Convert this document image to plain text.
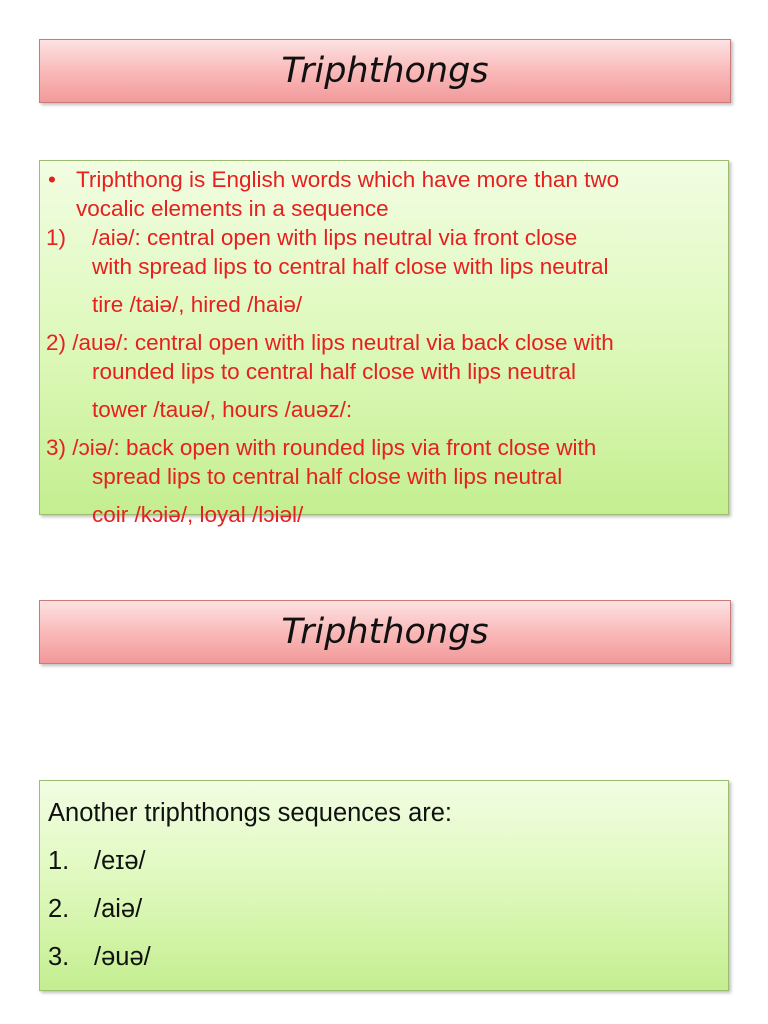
Triphthongs
• Triphthong is English words which have more than two
vocalic elements in a sequence
1) /aiə/: central open with lips neutral via front close
with spread lips to central half close with lips neutral
tire /taiə/, hired /haiə/
2) /auə/: central open with lips neutral via back close with
rounded lips to central half close with lips neutral
tower /tauə/, hours /auəz/:
3) /ɔiə/: back open with rounded lips via front close with
spread lips to central half close with lips neutral
coir /kɔiə/, loyal /lɔiəl/
Triphthongs
Another triphthongs sequences are:
1. /eɪə/
2. /aiə/
3. /əuə/
